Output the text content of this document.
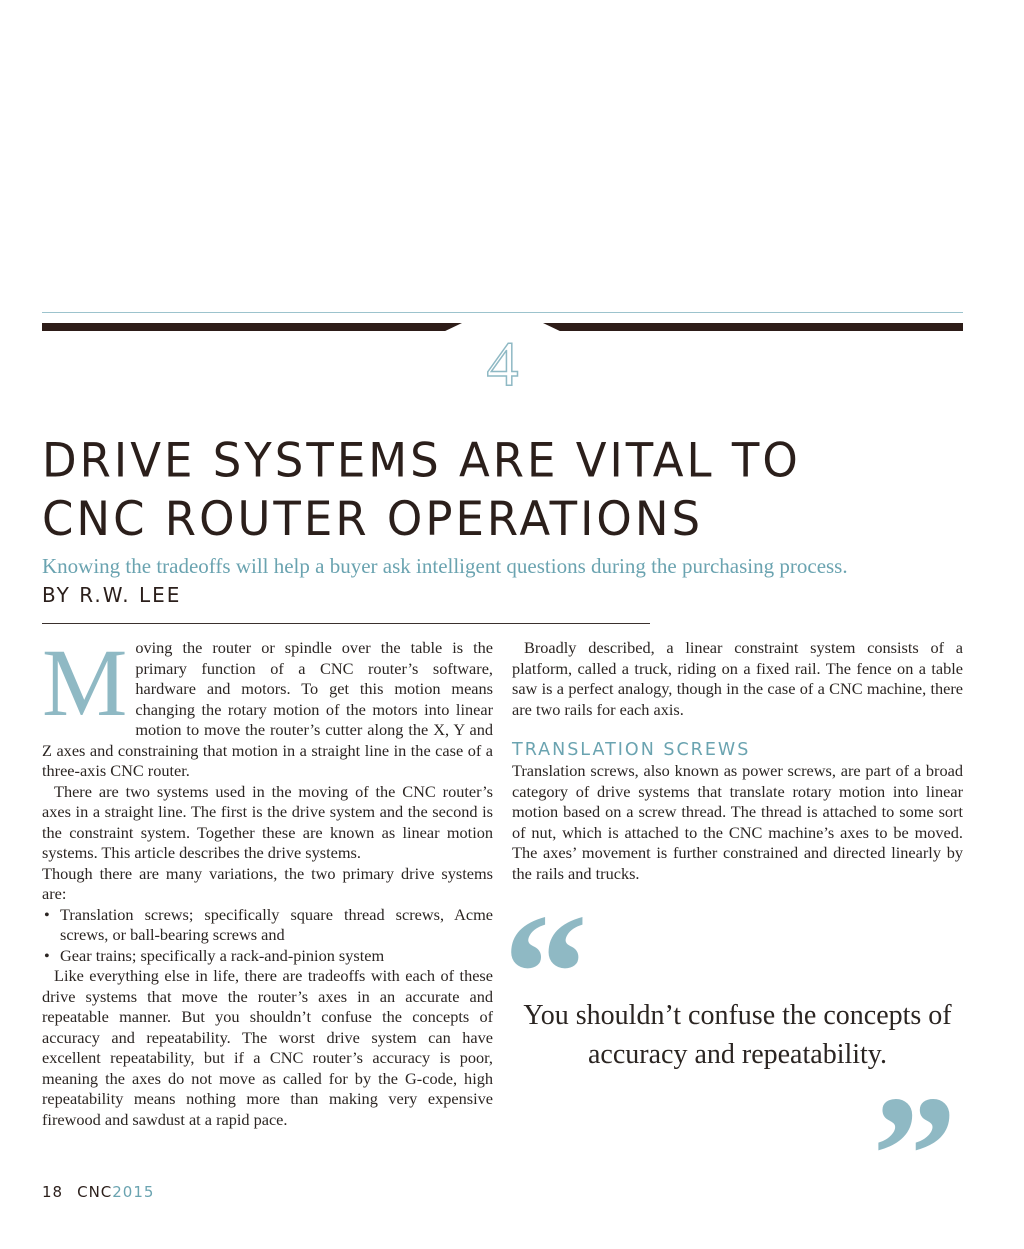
4
DRIVE SYSTEMS ARE VITAL TO
CNC ROUTER OPERATIONS
Knowing the tradeoffs will help a buyer ask intelligent questions during the purchasing process.
BY R.W. LEE

Moving the router or spindle over the table is the primary function of a CNC router’s software, hardware and motors. To get this motion means changing the rotary motion of the motors into linear motion to move the router’s cutter along the X, Y and Z axes and constraining that motion in a straight line in the case of a three-axis CNC router.

There are two systems used in the moving of the CNC router’s axes in a straight line. The first is the drive system and the second is the constraint system. Together these are known as linear motion systems. This article describes the drive systems.

Though there are many variations, the two primary drive systems are:

• Translation screws; specifically square thread screws, Acme screws, or ball-bearing screws and
• Gear trains; specifically a rack-and-pinion system

Like everything else in life, there are tradeoffs with each of these drive systems that move the router’s axes in an accurate and repeatable manner. But you shouldn’t confuse the concepts of accuracy and repeatability. The worst drive system can have excellent repeatability, but if a CNC router’s accuracy is poor, meaning the axes do not move as called for by the G-code, high repeatability means nothing more than making very expensive firewood and sawdust at a rapid pace.

Broadly described, a linear constraint system consists of a platform, called a truck, riding on a fixed rail. The fence on a table saw is a perfect analogy, though in the case of a CNC machine, there are two rails for each axis.

TRANSLATION SCREWS

Translation screws, also known as power screws, are part of a broad category of drive systems that translate rotary motion into linear motion based on a screw thread. The thread is attached to some sort of nut, which is attached to the CNC machine’s axes to be moved. The axes’ movement is further constrained and directed linearly by the rails and trucks.

“
You shouldn’t confuse the concepts of accuracy and repeatability.
”
18 CNC2015
